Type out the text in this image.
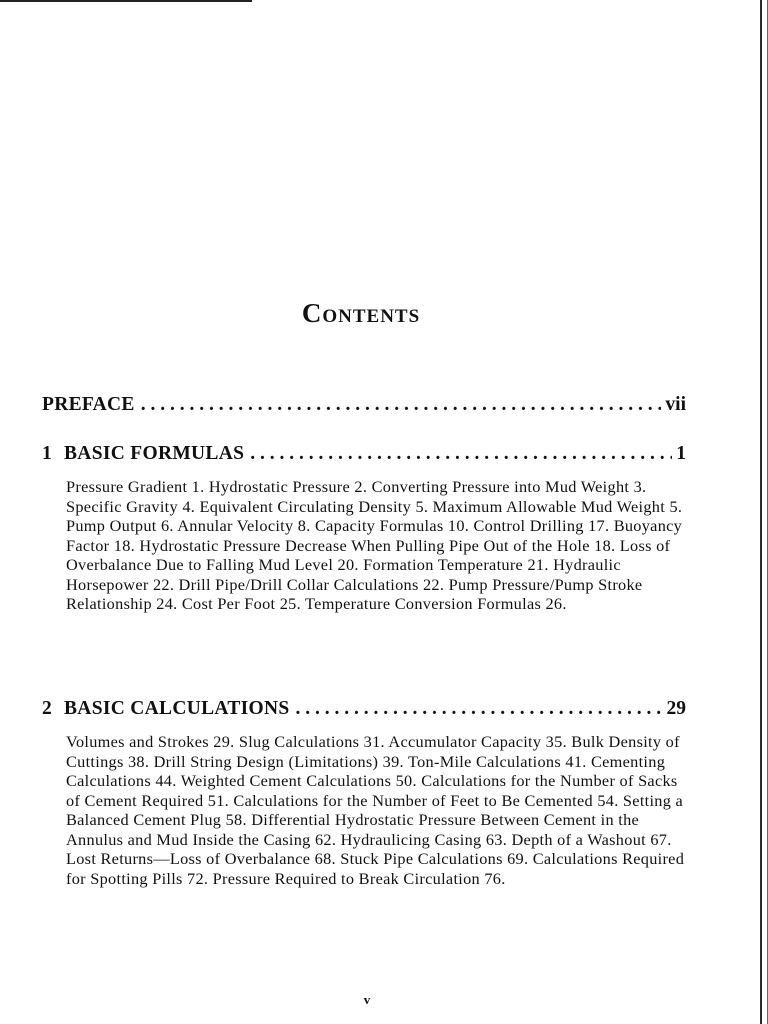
Contents
PREFACE . . .	vii
1 BASIC FORMULAS . . .	1
Pressure Gradient 1. Hydrostatic Pressure 2. Converting Pressure into Mud Weight 3. Specific Gravity 4. Equivalent Circulating Density 5. Maximum Allowable Mud Weight 5. Pump Output 6. Annular Velocity 8. Capacity Formulas 10. Control Drilling 17. Buoyancy Factor 18. Hydrostatic Pressure Decrease When Pulling Pipe Out of the Hole 18. Loss of Overbalance Due to Falling Mud Level 20. Formation Temperature 21. Hydraulic Horsepower 22. Drill Pipe/Drill Collar Calculations 22. Pump Pressure/Pump Stroke Relationship 24. Cost Per Foot 25. Temperature Conversion Formulas 26.
2 BASIC CALCULATIONS . . .	29
Volumes and Strokes 29. Slug Calculations 31. Accumulator Capacity 35. Bulk Density of Cuttings 38. Drill String Design (Limitations) 39. Ton-Mile Calculations 41. Cementing Calculations 44. Weighted Cement Calculations 50. Calculations for the Number of Sacks of Cement Required 51. Calculations for the Number of Feet to Be Cemented 54. Setting a Balanced Cement Plug 58. Differential Hydrostatic Pressure Between Cement in the Annulus and Mud Inside the Casing 62. Hydraulicing Casing 63. Depth of a Washout 67. Lost Returns—Loss of Overbalance 68. Stuck Pipe Calculations 69. Calculations Required for Spotting Pills 72. Pressure Required to Break Circulation 76.
v
